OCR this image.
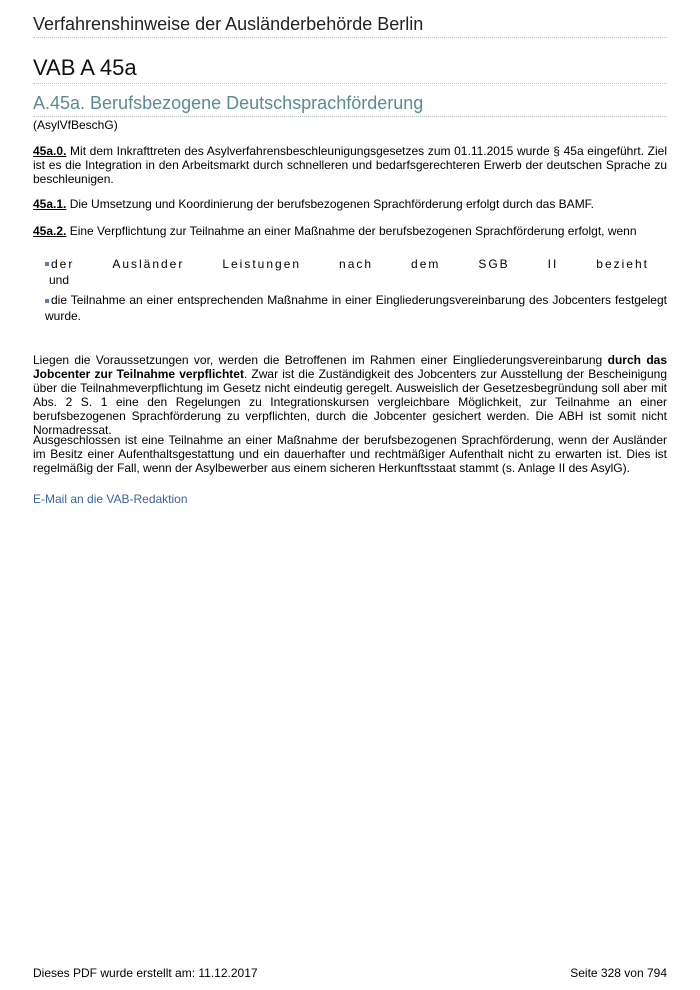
Verfahrenshinweise der Ausländerbehörde Berlin
VAB A 45a
A.45a. Berufsbezogene Deutschsprachförderung
(AsylVfBeschG)
45a.0. Mit dem Inkrafttreten des Asylverfahrensbeschleunigungsgesetzes zum 01.11.2015 wurde § 45a eingeführt. Ziel ist es die Integration in den Arbeitsmarkt durch schnelleren und bedarfsgerechteren Erwerb der deutschen Sprache zu beschleunigen.
45a.1. Die Umsetzung und Koordinierung der berufsbezogenen Sprachförderung erfolgt durch das BAMF.
45a.2. Eine Verpflichtung zur Teilnahme an einer Maßnahme der berufsbezogenen Sprachförderung erfolgt, wenn
der	Ausländer	Leistungen	nach	dem	SGB	II	bezieht
und
die Teilnahme an einer entsprechenden Maßnahme in einer Eingliederungsvereinbarung des Jobcenters festgelegt wurde.
Liegen die Voraussetzungen vor, werden die Betroffenen im Rahmen einer Eingliederungsvereinbarung durch das Jobcenter zur Teilnahme verpflichtet. Zwar ist die Zuständigkeit des Jobcenters zur Ausstellung der Bescheinigung über die Teilnahmeverpflichtung im Gesetz nicht eindeutig geregelt. Ausweislich der Gesetzesbegründung soll aber mit Abs. 2 S. 1 eine den Regelungen zu Integrationskursen vergleichbare Möglichkeit, zur Teilnahme an einer berufsbezogenen Sprachförderung zu verpflichten, durch die Jobcenter gesichert werden. Die ABH ist somit nicht Normadressat.
Ausgeschlossen ist eine Teilnahme an einer Maßnahme der berufsbezogenen Sprachförderung, wenn der Ausländer im Besitz einer Aufenthaltsgestattung und ein dauerhafter und rechtmäßiger Aufenthalt nicht zu erwarten ist. Dies ist regelmäßig der Fall, wenn der Asylbewerber aus einem sicheren Herkunftsstaat stammt (s. Anlage II des AsylG).
E-Mail an die VAB-Redaktion
Dieses PDF wurde erstellt am: 11.12.2017	Seite 328 von 794
